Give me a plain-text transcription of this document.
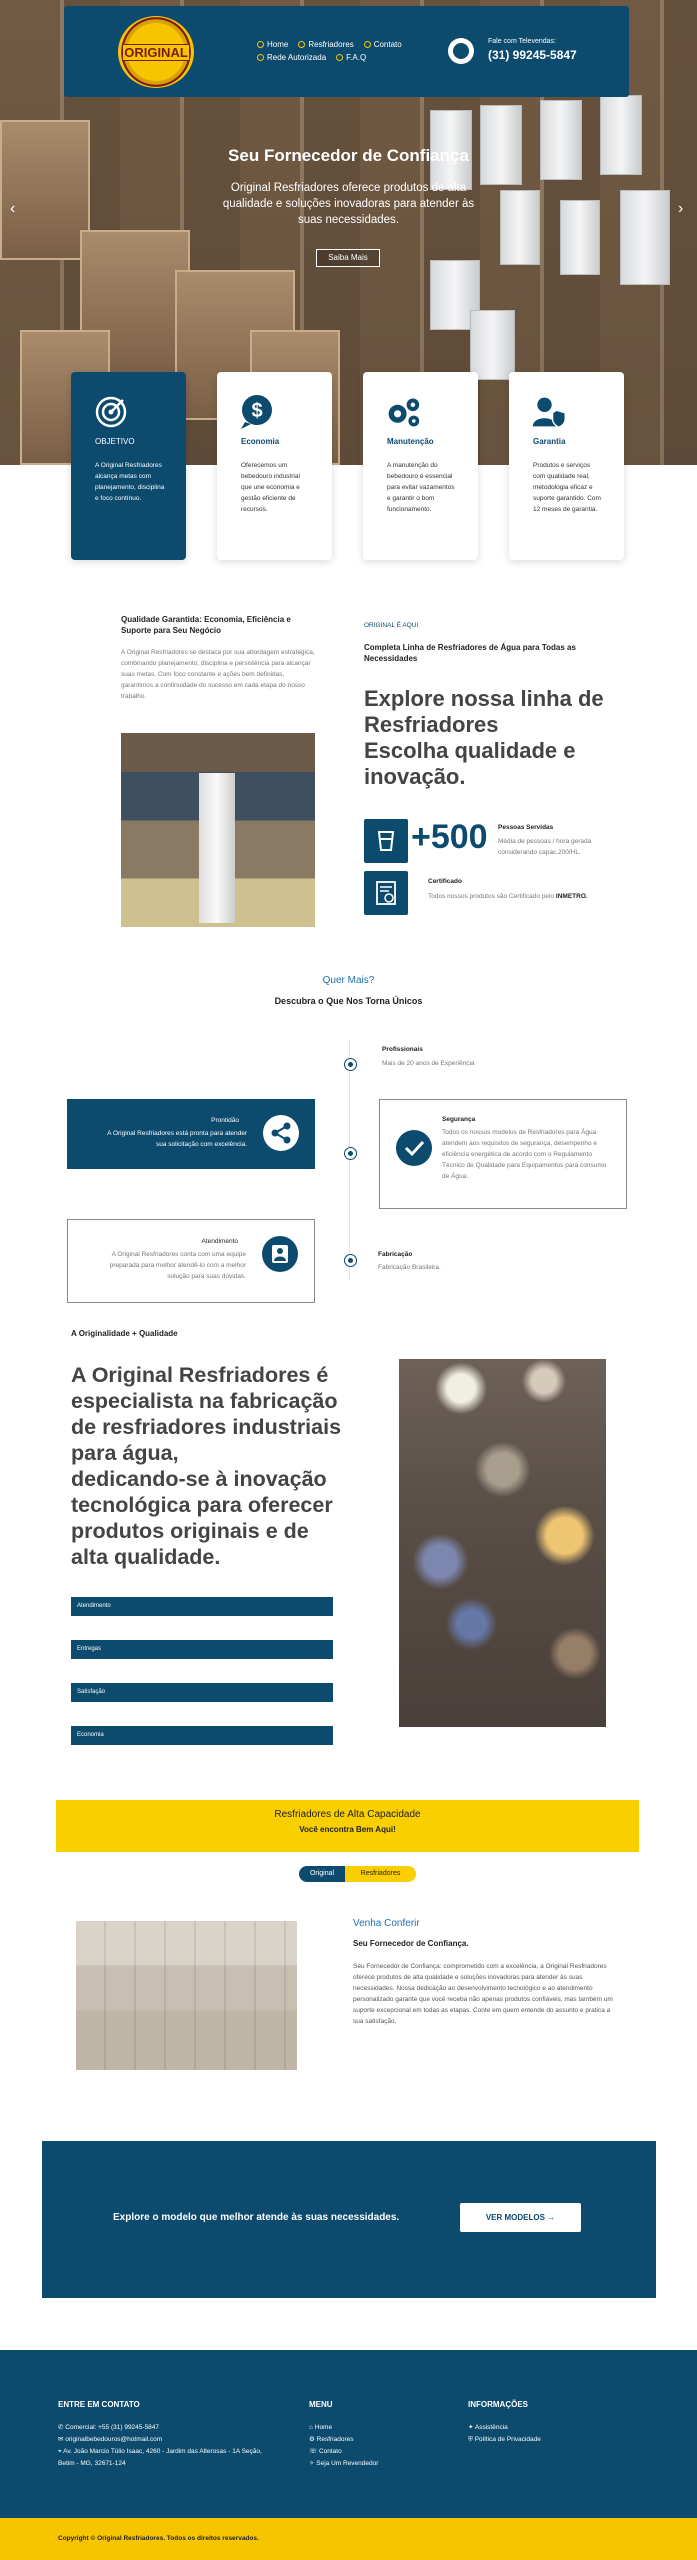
ORIGINAL
Home	Resfriadores	Contato
Rede Autorizada	F.A.Q
Fale com Televendas:
(31) 99245-5847
‹	›
Seu Fornecedor de Confiança
Original Resfriadores oferece produtos de alta qualidade e soluções inovadoras para atender às suas necessidades.
Saiba Mais
OBJETIVO
A Original Resfriadores alcança metas com planejamento, disciplina e foco contínuo.
$
Economia
Oferecemos um bebedouro industrial que une economia e gestão eficiente de recursos.
Manutenção
A manutenção do bebedouro é essencial para evitar vazamentos e garantir o bom funcionamento.
Garantia
Produtos e serviços com qualidade real, metodologia eficaz e suporte garantido. Com 12 meses de garantia.
Qualidade Garantida: Economia, Eficiência e Suporte para Seu Negócio
A Original Resfriadores se destaca por sua abordagem estratégica, combinando planejamento, disciplina e persistência para alcançar suas metas. Com foco constante e ações bem definidas, garantimos a continuidade do sucesso em cada etapa do nosso trabalho.
ORIGINAL É AQUI
Completa Linha de Resfriadores de Água para Todas as Necessidades
Explore nossa linha de Resfriadores
Escolha qualidade e inovação.
+500 Pessoas Servidas
Média de pessoas / hora gerada considerando capac.200/HL.
Certificado
Todos nossos produtos são Certificado pelo INMETRO.
Quer Mais?
Descubra o Que Nos Torna Únicos
Profissionais
Mais de 20 anos de Experiência
Prontidão
A Original Resfriadores está pronta para atender sua solicitação com excelência.
Segurança
Todos os nossos modelos de Resfriadores para Água atendem aos requisitos de segurança, desempenho e eficiência energética de acordo com o Regulamento Técnico de Qualidade para Equipamentos para consumo de Água.
Atendimento
A Original Resfriadores conta com uma equipe preparada para melhor atendê-lo com a melhor solução para suas dúvidas.
Fabricação
Fabricação Brasileira.
A Originalidade + Qualidade
A Original Resfriadores é especialista na fabricação de resfriadores industriais para água,
dedicando-se à inovação tecnológica para oferecer produtos originais e de alta qualidade.
Atendimento
Entregas
Satisfação
Economia
Resfriadores de Alta Capacidade
Você encontra Bem Aqui!
Original	Resfriadores
Venha Conferir
Seu Fornecedor de Confiança.
Seu Fornecedor de Confiança: comprometido com a excelência, a Original Resfriadores oferece produtos de alta qualidade e soluções inovadoras para atender às suas necessidades. Nossa dedicação ao desenvolvimento tecnológico e ao atendimento personalizado garante que você receba não apenas produtos confiáveis, mas também um suporte excepcional em todas as etapas. Conte em quem entende do assunto e pratica a sua satisfação.
Explore o modelo que melhor atende às suas necessidades.	VER MODELOS →
ENTRE EM CONTATO
✆ Comercial: +55 (31) 99245-5847
✉ originalbebedouros@hotmail.com
⌖ Av. João Marcio Túlio Isaac, 4260 - Jardim das Alterosas - 1A Seção, Betim - MG, 32671-124
MENU
⌂ Home
⚙ Resfriadores
☏ Contato
✧ Seja Um Revendedor
INFORMAÇÕES
✦ Assistência
⛨ Política de Privacidade
Copyright © Original Resfriadores. Todos os direitos reservados.
